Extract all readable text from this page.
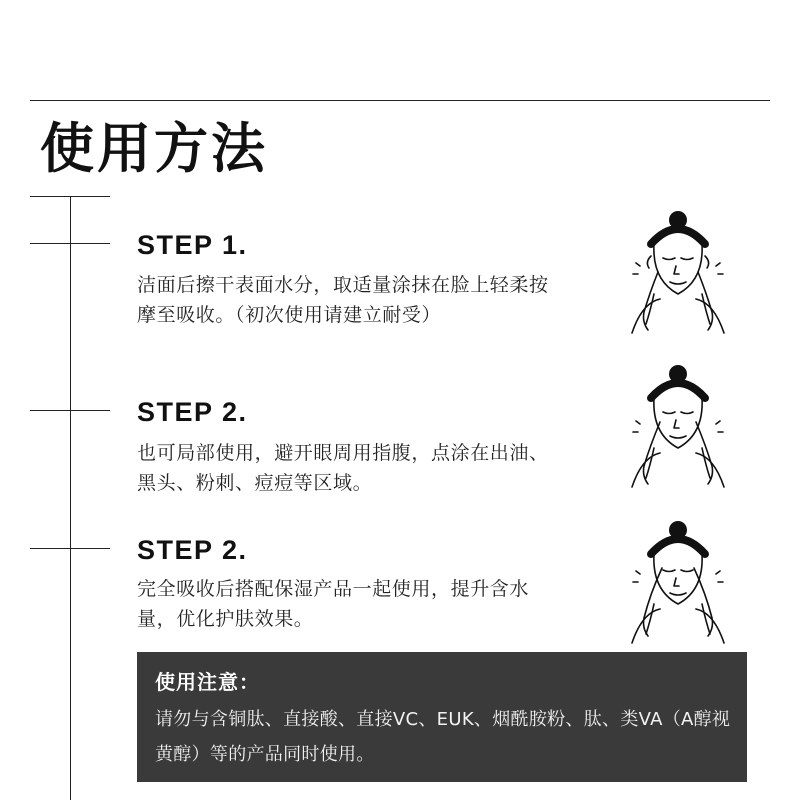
使用方法
STEP 1.

洁面后擦干表面水分，取适量涂抹在脸上轻柔按摩至吸收。（初次使用请建立耐受）

STEP 2.

也可局部使用，避开眼周用指腹，点涂在出油、黑头、粉刺、痘痘等区域。

STEP 2.

完全吸收后搭配保湿产品一起使用，提升含水量，优化护肤效果。

使用注意：

请勿与含铜肽、直接酸、直接VC、EUK、烟酰胺粉、肽、类VA（A醇视黄醇）等的产品同时使用。
